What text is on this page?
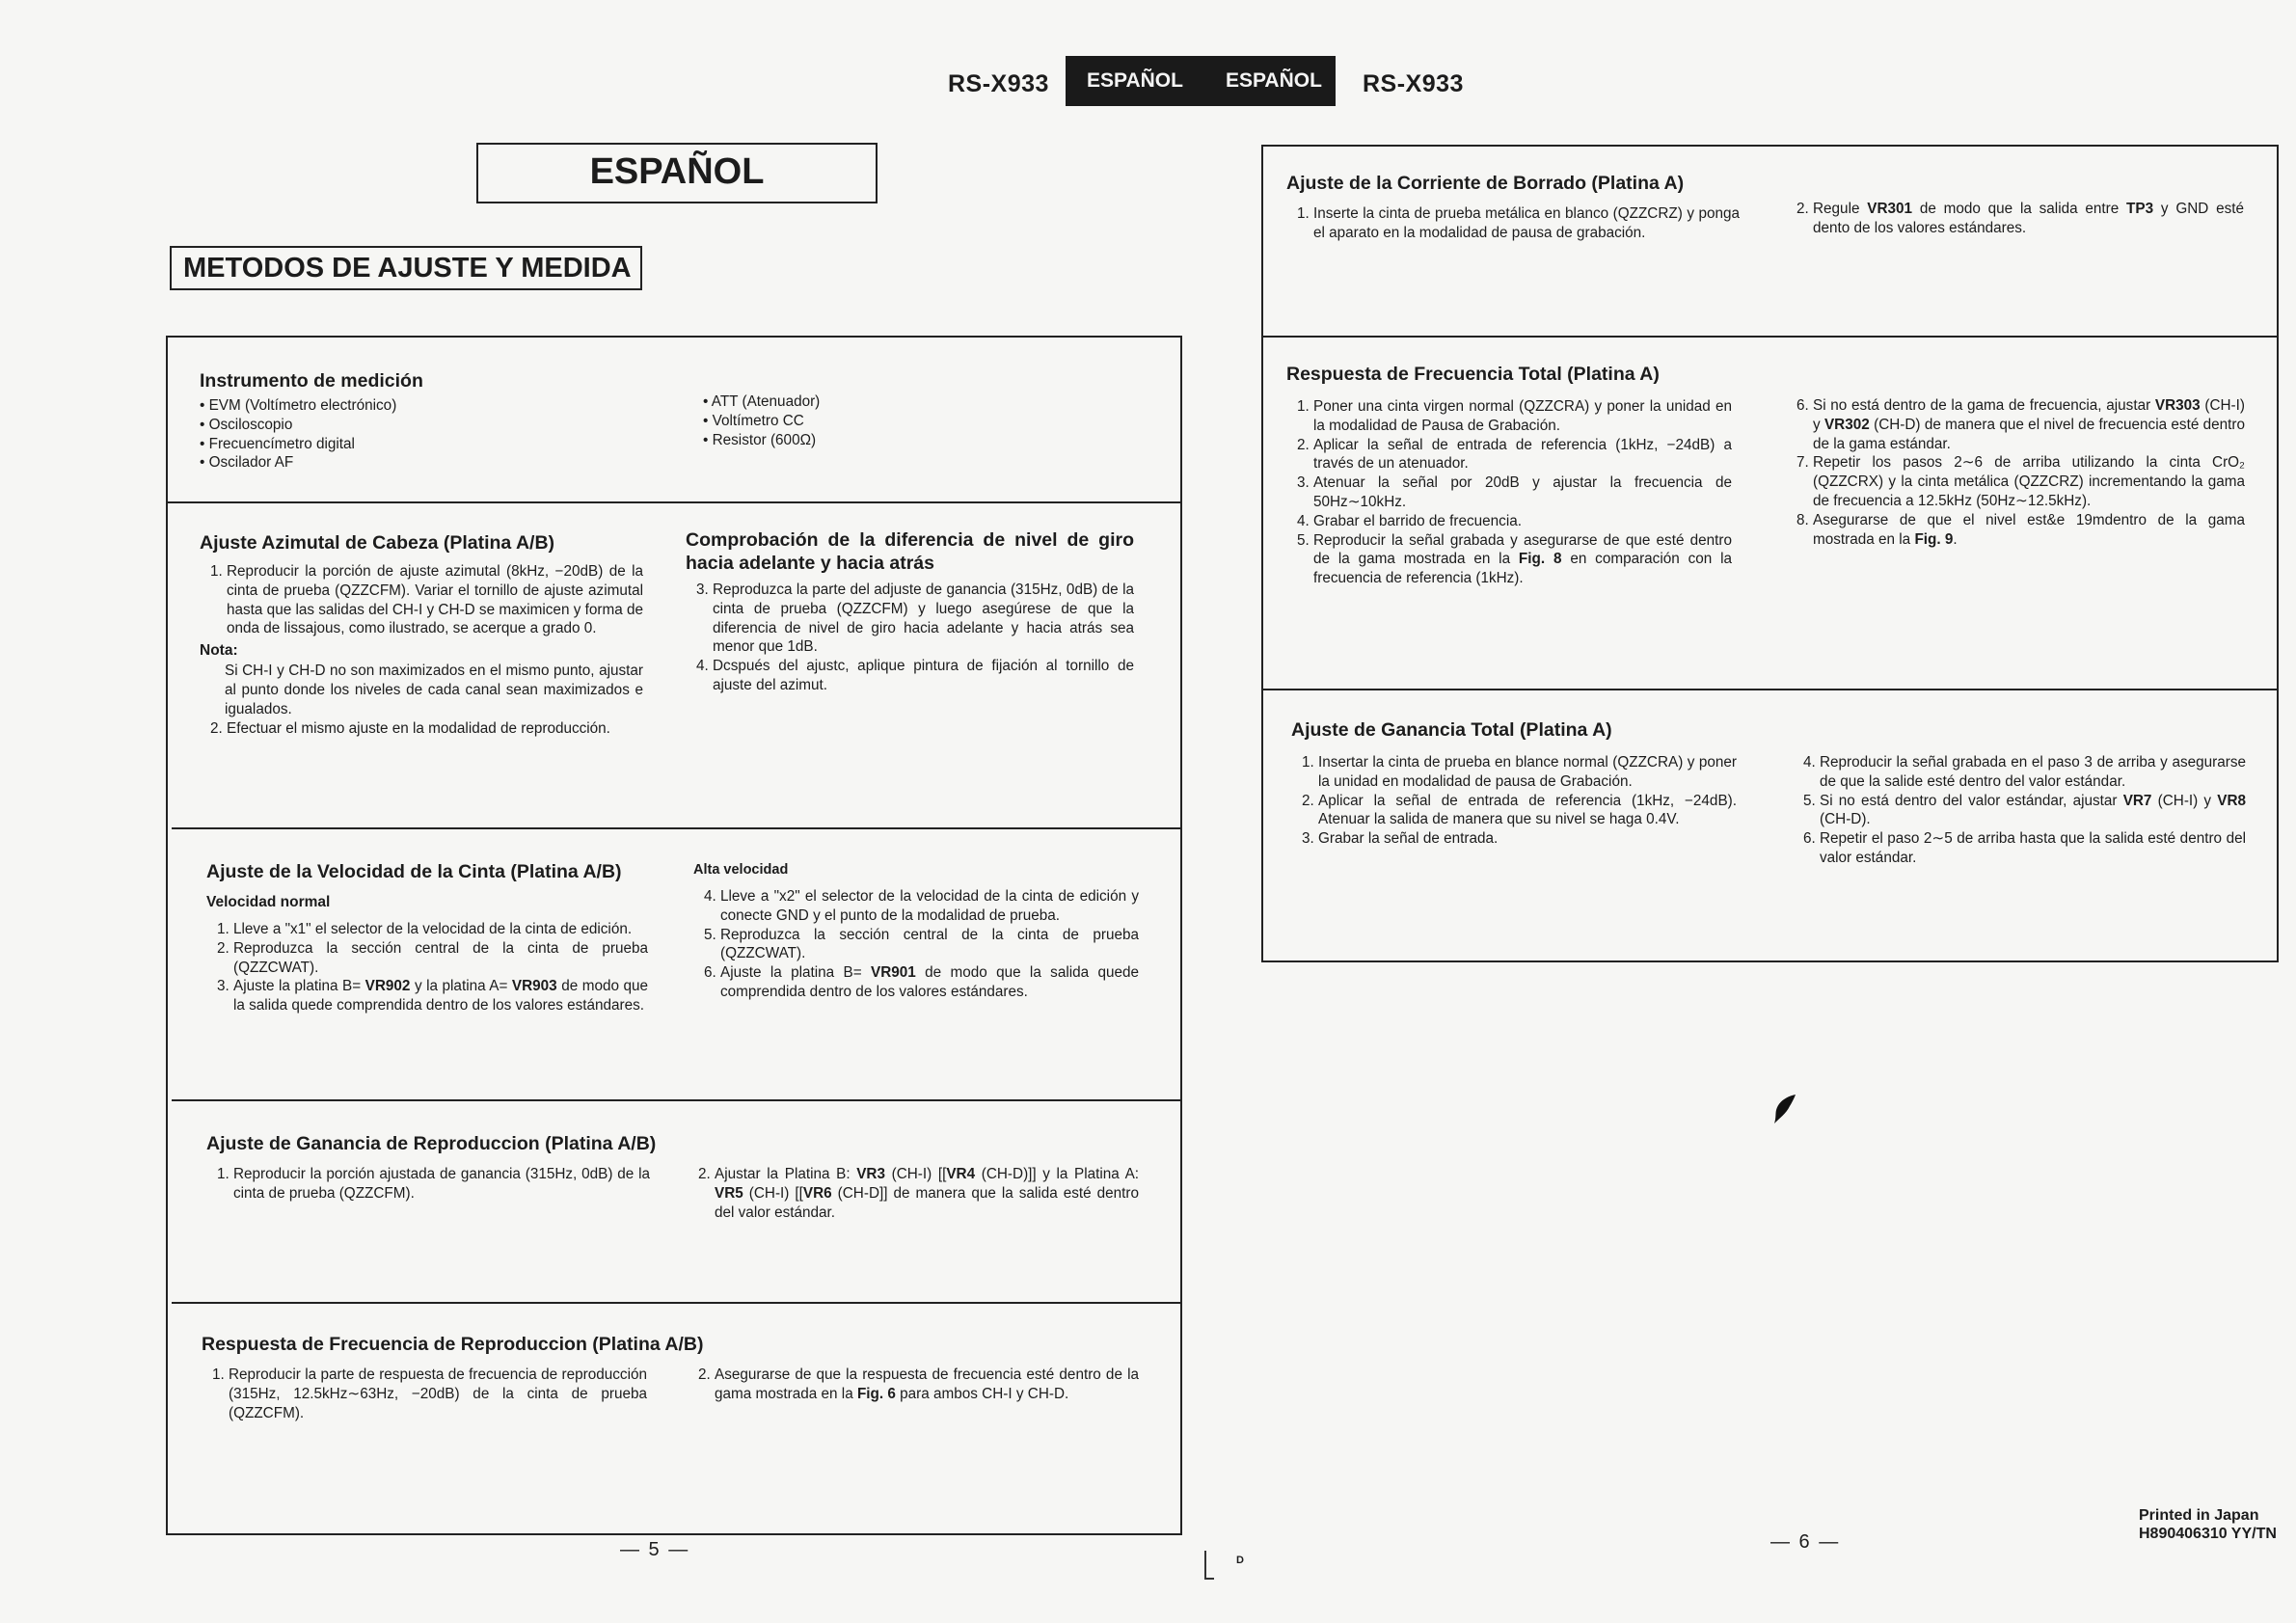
RS-X933	ESPAÑOL	ESPAÑOL	RS-X933
ESPAÑOL
METODOS DE AJUSTE Y MEDIDA
Instrumento de medición
• EVM (Voltímetro electrónico)
• Osciloscopio
• Frecuencímetro digital
• Oscilador AF
• ATT (Atenuador)
• Voltímetro CC
• Resistor (600Ω)
Ajuste Azimutal de Cabeza (Platina A/B)
1. Reproducir la porción de ajuste azimutal (8kHz, −20dB) de la cinta de prueba (QZZCFM). Variar el tornillo de ajuste azimutal hasta que las salidas del CH-I y CH-D se maximicen y forma de onda de lissajous, como ilustrado, se acerque a grado 0.
Nota:

Si CH-I y CH-D no son maximizados en el mismo punto, ajustar al punto donde los niveles de cada canal sean maximizados e igualados.

2. Efectuar el mismo ajuste en la modalidad de reproducción.
Comprobación de la diferencia de nivel de giro hacia adelante y hacia atrás
3. Reproduzca la parte del adjuste de ganancia (315Hz, 0dB) de la cinta de prueba (QZZCFM) y luego asegúrese de que la diferencia de nivel de giro hacia adelante y hacia atrás sea menor que 1dB.
4. Dcspués del ajustc, aplique pintura de fijación al tornillo de ajuste del azimut.
Ajuste de la Velocidad de la Cinta (Platina A/B)
Velocidad normal
1. Lleve a "x1" el selector de la velocidad de la cinta de edición.
2. Reproduzca la sección central de la cinta de prueba (QZZCWAT).
3. Ajuste la platina B= VR902 y la platina A= VR903 de modo que la salida quede comprendida dentro de los valores estándares.
Alta velocidad
4. Lleve a "x2" el selector de la velocidad de la cinta de edición y conecte GND y el punto de la modalidad de prueba.
5. Reproduzca la sección central de la cinta de prueba (QZZCWAT).
6. Ajuste la platina B= VR901 de modo que la salida quede comprendida dentro de los valores estándares.
Ajuste de Ganancia de Reproduccion (Platina A/B)
1. Reproducir la porción ajustada de ganancia (315Hz, 0dB) de la cinta de prueba (QZZCFM).
2. Ajustar la Platina B: VR3 (CH-I) [[VR4 (CH-D)]] y la Platina A: VR5 (CH-I) [[VR6 (CH-D]] de manera que la salida esté dentro del valor estándar.
Respuesta de Frecuencia de Reproduccion (Platina A/B)
1. Reproducir la parte de respuesta de frecuencia de reproducción (315Hz, 12.5kHz∼63Hz, −20dB) de la cinta de prueba (QZZCFM).
2. Asegurarse de que la respuesta de frecuencia esté dentro de la gama mostrada en la Fig. 6 para ambos CH-I y CH-D.
— 5 —
Ajuste de la Corriente de Borrado (Platina A)
1. Inserte la cinta de prueba metálica en blanco (QZZCRZ) y ponga el aparato en la modalidad de pausa de grabación.
2. Regule VR301 de modo que la salida entre TP3 y GND esté dento de los valores estándares.
Respuesta de Frecuencia Total (Platina A)
1. Poner una cinta virgen normal (QZZCRA) y poner la unidad en la modalidad de Pausa de Grabación.
2. Aplicar la señal de entrada de referencia (1kHz, −24dB) a través de un atenuador.
3. Atenuar la señal por 20dB y ajustar la frecuencia de 50Hz∼10kHz.
4. Grabar el barrido de frecuencia.
5. Reproducir la señal grabada y asegurarse de que esté dentro de la gama mostrada en la Fig. 8 en comparación con la frecuencia de referencia (1kHz).
6. Si no está dentro de la gama de frecuencia, ajustar VR303 (CH-I) y VR302 (CH-D) de manera que el nivel de frecuencia esté dentro de la gama estándar.
7. Repetir los pasos 2∼6 de arriba utilizando la cinta CrO₂ (QZZCRX) y la cinta metálica (QZZCRZ) incrementando la gama de frecuencia a 12.5kHz (50Hz∼12.5kHz).
8. Asegurarse de que el nivel est&e 19mdentro de la gama mostrada en la Fig. 9.
Ajuste de Ganancia Total (Platina A)
1. Insertar la cinta de prueba en blance normal (QZZCRA) y poner la unidad en modalidad de pausa de Grabación.
2. Aplicar la señal de entrada de referencia (1kHz, −24dB). Atenuar la salida de manera que su nivel se haga 0.4V.
3. Grabar la señal de entrada.
4. Reproducir la señal grabada en el paso 3 de arriba y asegurarse de que la salide esté dentro del valor estándar.
5. Si no está dentro del valor estándar, ajustar VR7 (CH-I) y VR8 (CH-D).
6. Repetir el paso 2∼5 de arriba hasta que la salida esté dentro del valor estándar.
D
— 6 —
Printed in Japan
H890406310 YY/TN
